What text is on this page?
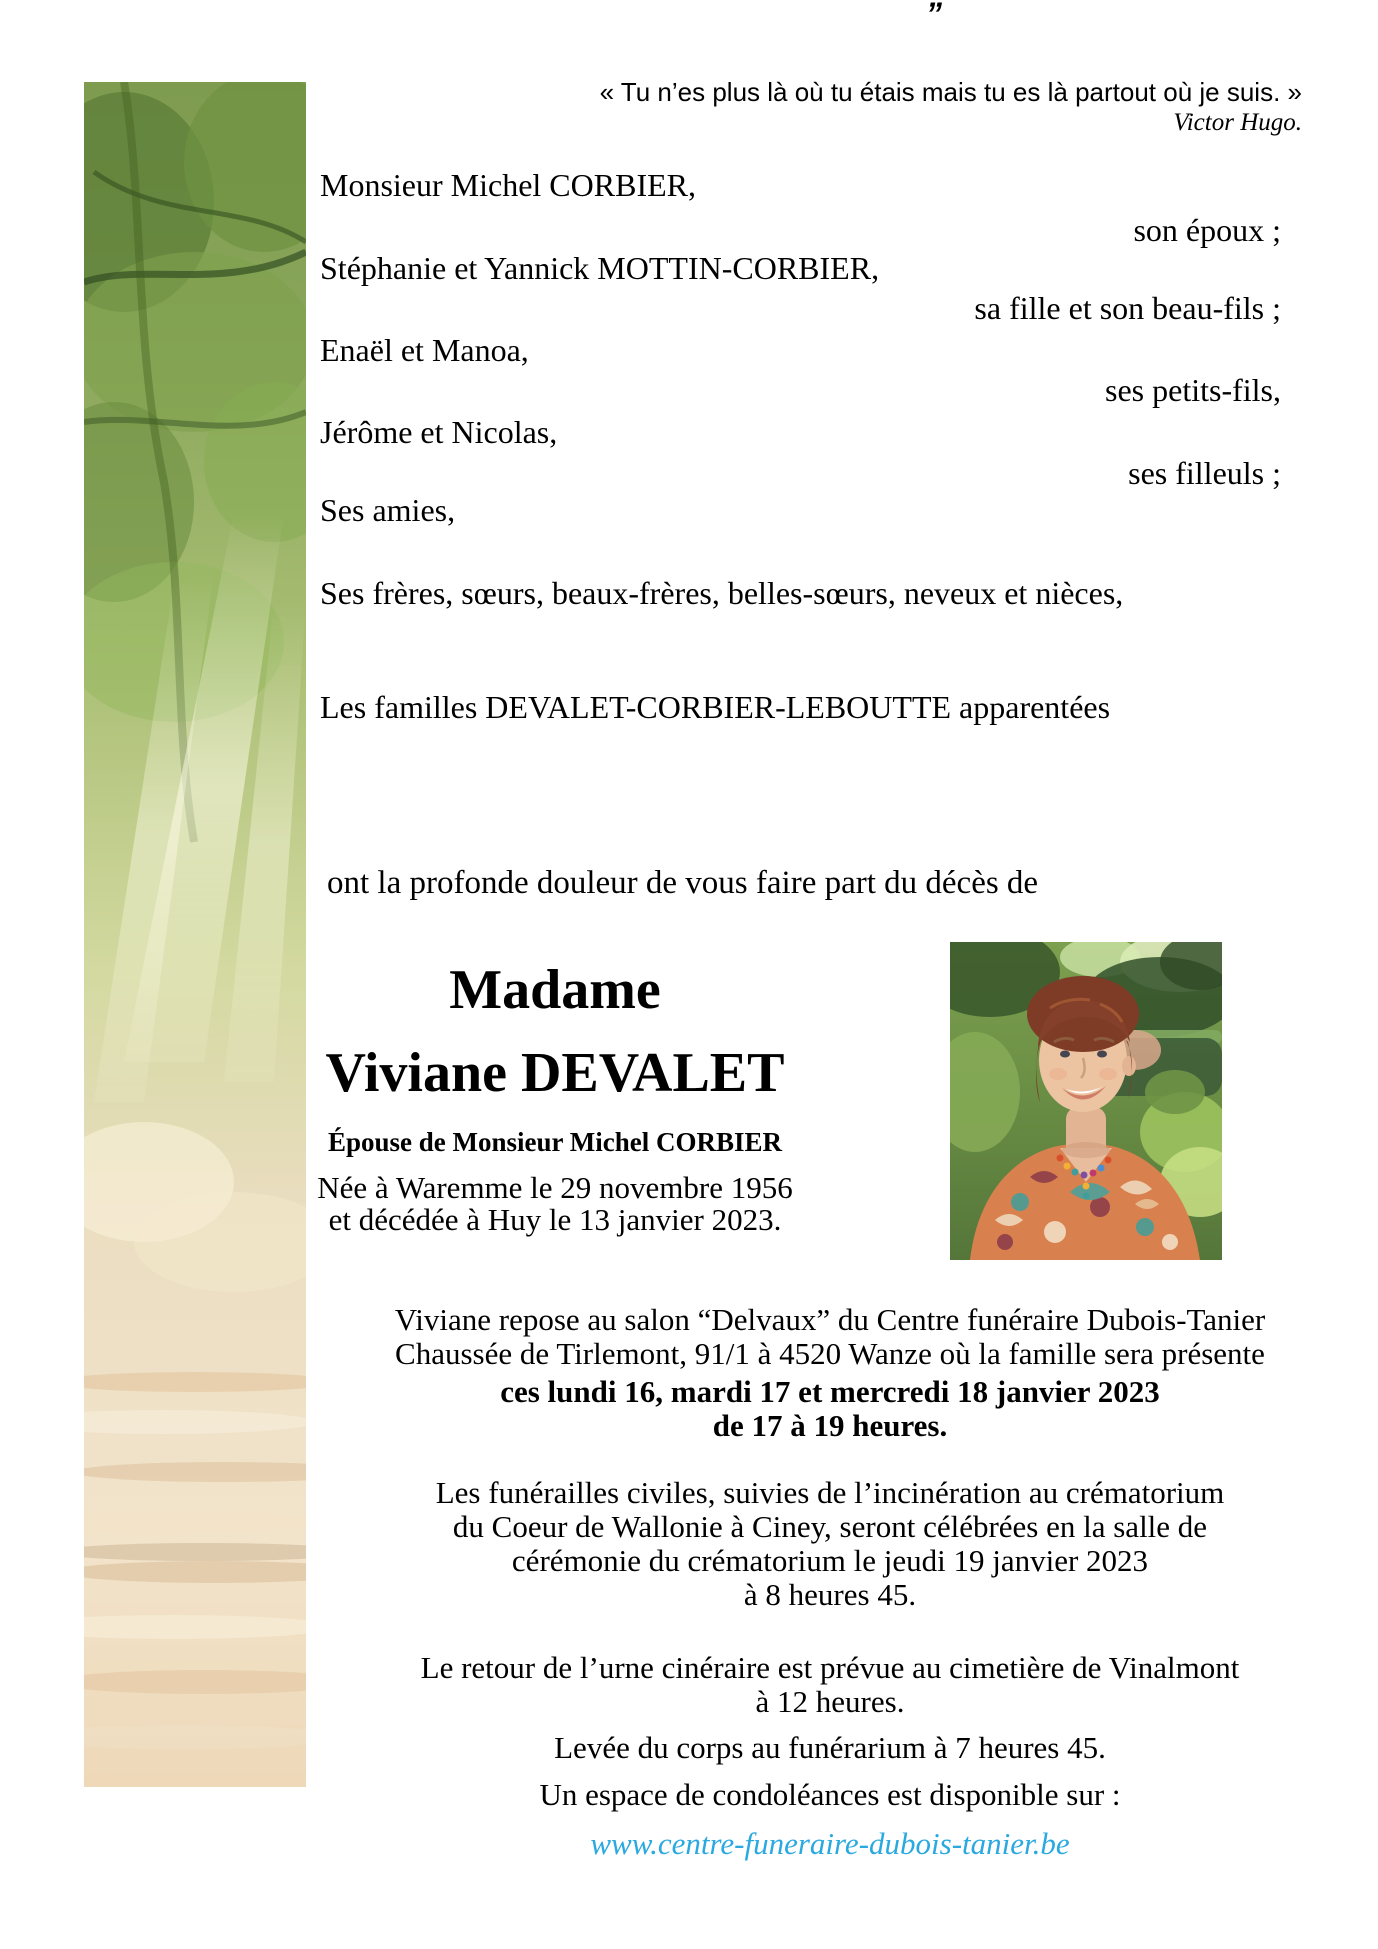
”
« Tu n’es plus là où tu étais mais tu es là partout où je suis. »
Victor Hugo.
Monsieur Michel CORBIER,
son époux ;
Stéphanie et Yannick MOTTIN-CORBIER,
sa fille et son beau-fils ;
Enaël et Manoa,
ses petits-fils,
Jérôme et Nicolas,
ses filleuls ;
Ses amies,
Ses frères, sœurs, beaux-frères, belles-sœurs, neveux et nièces,
Les familles DEVALET-CORBIER-LEBOUTTE apparentées
ont la profonde douleur de vous faire part du décès de
Madame
Viviane DEVALET
Épouse de Monsieur Michel CORBIER
Née à Waremme le 29 novembre 1956
et décédée à Huy le 13 janvier 2023.
Viviane repose au salon “Delvaux” du Centre funéraire Dubois-Tanier
Chaussée de Tirlemont, 91/1 à 4520 Wanze où la famille sera présente
ces lundi 16, mardi 17 et mercredi 18 janvier 2023
de 17 à 19 heures.
Les funérailles civiles, suivies de l’incinération au crématorium
du Coeur de Wallonie à Ciney, seront célébrées en la salle de
cérémonie du crématorium le jeudi 19 janvier 2023
à 8 heures 45.
Le retour de l’urne cinéraire est prévue au cimetière de Vinalmont
à 12 heures.
Levée du corps au funérarium à 7 heures 45.
Un espace de condoléances est disponible sur :
www.centre-funeraire-dubois-tanier.be
